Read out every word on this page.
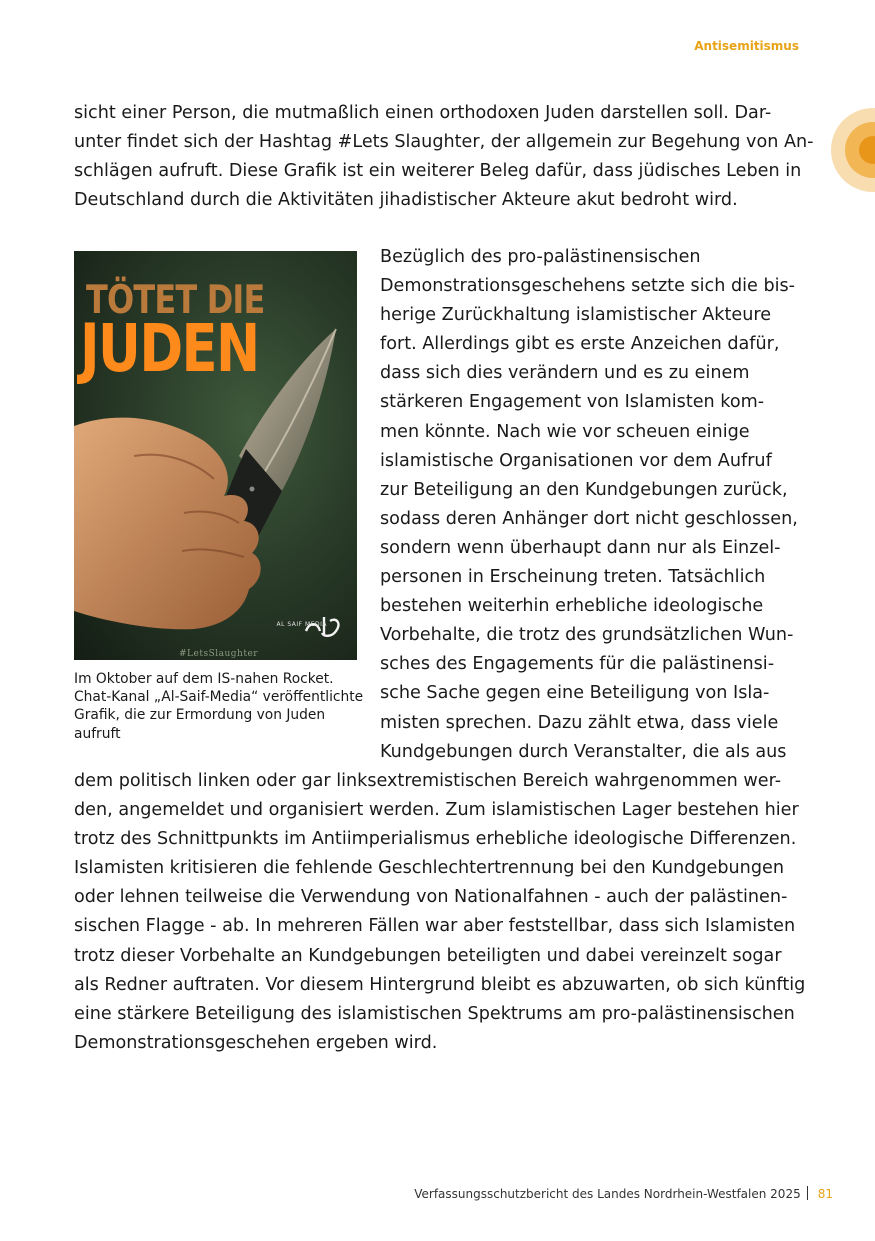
Antisemitismus
sicht einer Person, die mutmaßlich einen orthodoxen Juden darstellen soll. Dar-
unter findet sich der Hashtag #Lets Slaughter, der allgemein zur Begehung von An-
schlägen aufruft. Diese Grafik ist ein weiterer Beleg dafür, dass jüdisches Leben in
Deutschland durch die Aktivitäten jihadistischer Akteure akut bedroht wird.
TÖTET DIE
JUDEN
AL SAIF MEDIA
#LetsSlaughter
Im Oktober auf dem IS-nahen Rocket.
Chat-Kanal „Al-Saif-Media“ veröffentlichte
Grafik, die zur Ermordung von Juden
aufruft
Bezüglich des pro-palästinensischen
Demonstrationsgeschehens setzte sich die bis-
herige Zurückhaltung islamistischer Akteure
fort. Allerdings gibt es erste Anzeichen dafür,
dass sich dies verändern und es zu einem
stärkeren Engagement von Islamisten kom-
men könnte. Nach wie vor scheuen einige
islamistische Organisationen vor dem Aufruf
zur Beteiligung an den Kundgebungen zurück,
sodass deren Anhänger dort nicht geschlossen,
sondern wenn überhaupt dann nur als Einzel-
personen in Erscheinung treten. Tatsächlich
bestehen weiterhin erhebliche ideologische
Vorbehalte, die trotz des grundsätzlichen Wun-
sches des Engagements für die palästinensi-
sche Sache gegen eine Beteiligung von Isla-
misten sprechen. Dazu zählt etwa, dass viele
Kundgebungen durch Veranstalter, die als aus
dem politisch linken oder gar linksextremistischen Bereich wahrgenommen wer-
den, angemeldet und organisiert werden. Zum islamistischen Lager bestehen hier
trotz des Schnittpunkts im Antiimperialismus erhebliche ideologische Differenzen.
Islamisten kritisieren die fehlende Geschlechtertrennung bei den Kundgebungen
oder lehnen teilweise die Verwendung von Nationalfahnen - auch der palästinen-
sischen Flagge - ab. In mehreren Fällen war aber feststellbar, dass sich Islamisten
trotz dieser Vorbehalte an Kundgebungen beteiligten und dabei vereinzelt sogar
als Redner auftraten. Vor diesem Hintergrund bleibt es abzuwarten, ob sich künftig
eine stärkere Beteiligung des islamistischen Spektrums am pro-palästinensischen
Demonstrationsgeschehen ergeben wird.
Verfassungsschutzbericht des Landes Nordrhein-Westfalen 2025 81
